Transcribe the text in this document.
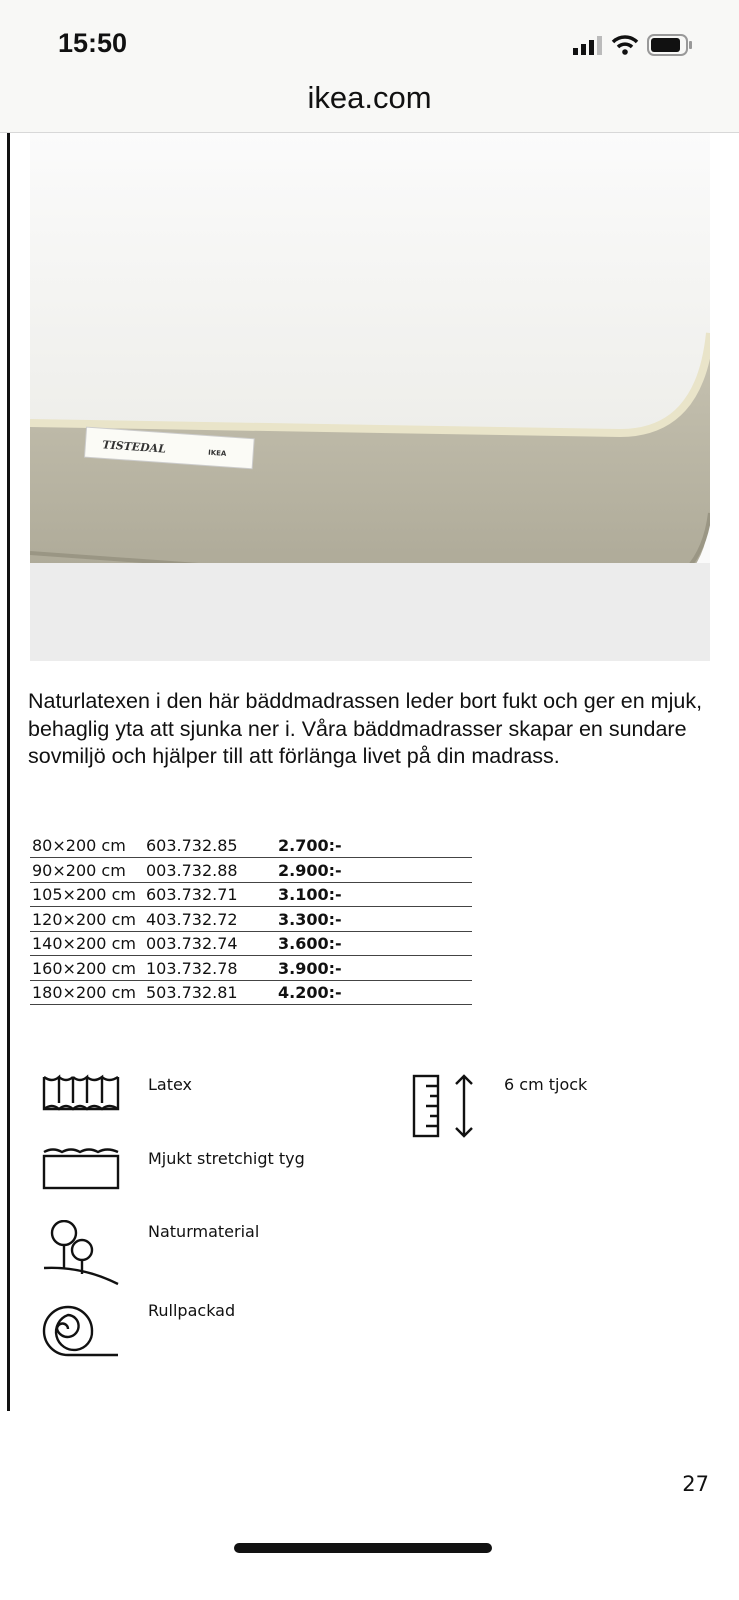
15:50
ikea.com
TISTEDAL	IKEA

Naturlatexen i den här bäddmadrassen leder bort fukt och ger en mjuk, behaglig yta att sjunka ner i. Våra bäddmadrasser skapar en sundare sovmiljö och hjälper till att förlänga livet på din madrass.

80×200 cm	603.732.85	2.700:-
90×200 cm	003.732.88	2.900:-
105×200 cm	603.732.71	3.100:-
120×200 cm	403.732.72	3.300:-
140×200 cm	003.732.74	3.600:-
160×200 cm	103.732.78	3.900:-
180×200 cm	503.732.81	4.200:-
Latex
Mjukt stretchigt tyg
Naturmaterial
Rullpackad
6 cm tjock
27
